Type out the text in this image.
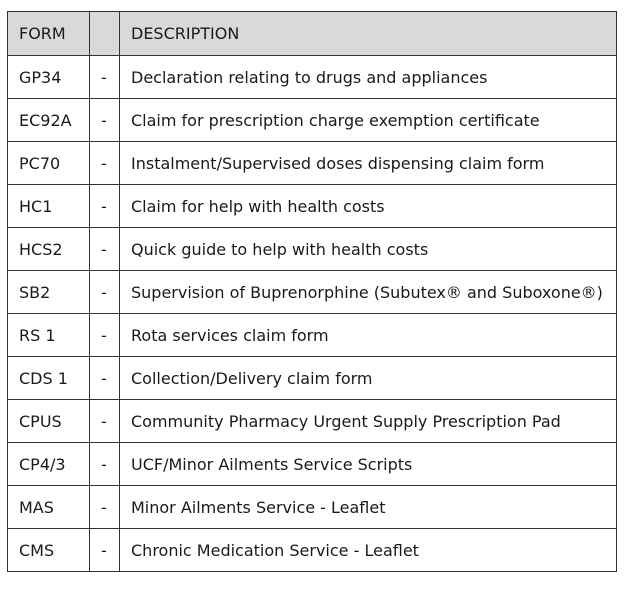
FORM		DESCRIPTION
GP34	-	Declaration relating to drugs and appliances
EC92A	-	Claim for prescription charge exemption certificate
PC70	-	Instalment/Supervised doses dispensing claim form
HC1	-	Claim for help with health costs
HCS2	-	Quick guide to help with health costs
SB2	-	Supervision of Buprenorphine (Subutex® and Suboxone®)
RS 1	-	Rota services claim form
CDS 1	-	Collection/Delivery claim form
CPUS	-	Community Pharmacy Urgent Supply Prescription Pad
CP4/3	-	UCF/Minor Ailments Service Scripts
MAS	-	Minor Ailments Service - Leaflet
CMS	-	Chronic Medication Service - Leaflet
